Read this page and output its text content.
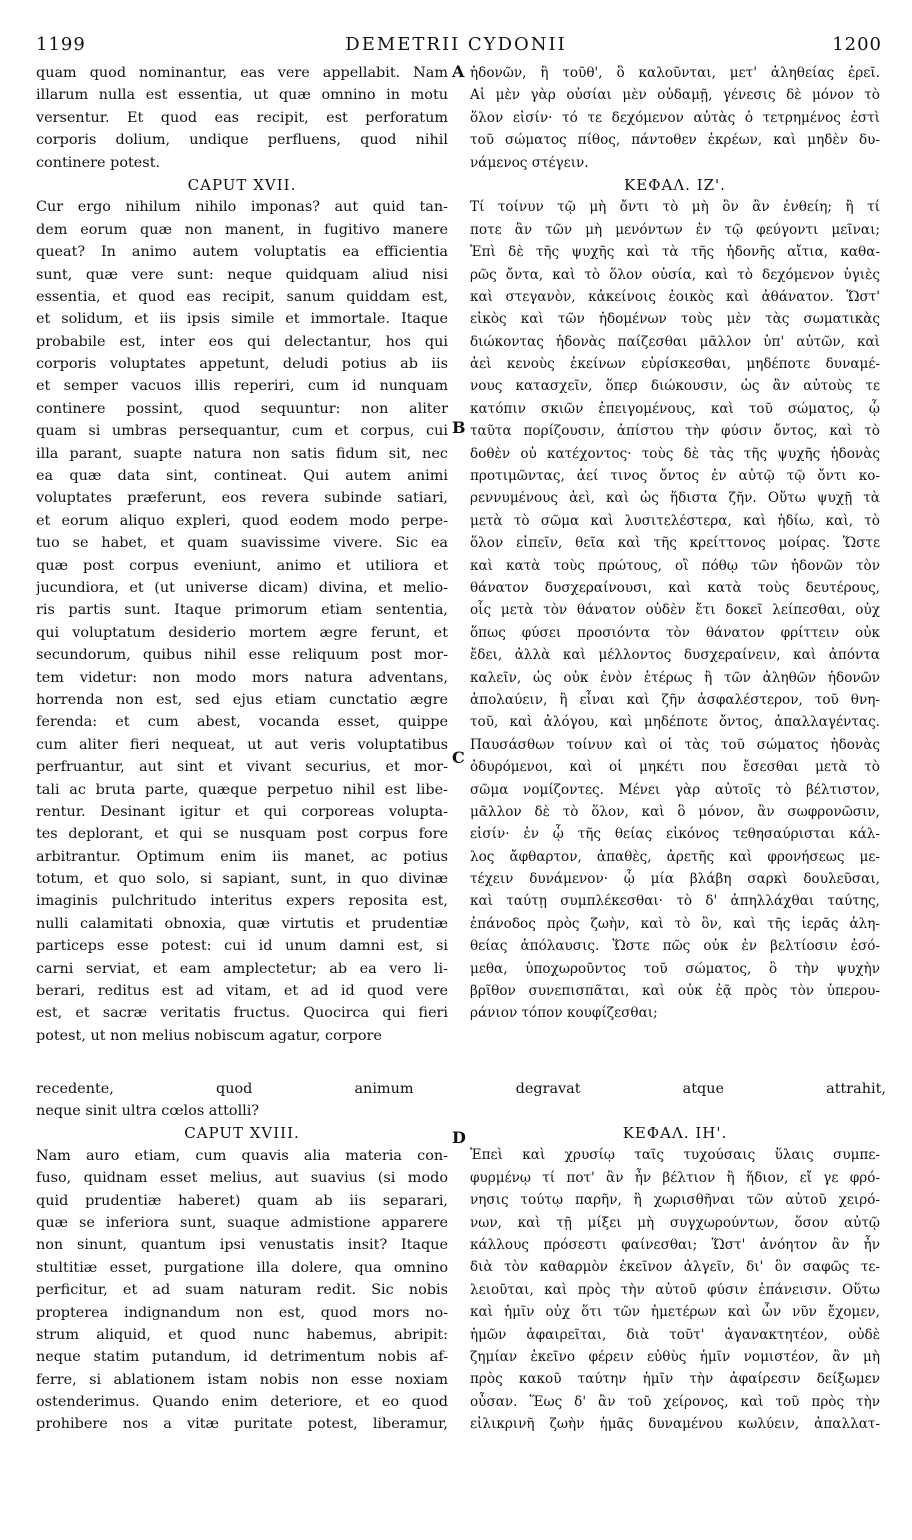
1199	DEMETRII CYDONII	1200
A
B
C
D
quam quod nominantur, eas vere appellabit. Nam
illarum nulla est essentia, ut quæ omnino in motu
versentur. Et quod eas recipit, est perforatum
corporis dolium, undique perfluens, quod nihil
continere potest.
CAPUT XVII.
Cur ergo nihilum nihilo imponas? aut quid tan-
dem eorum quæ non manent, in fugitivo manere
queat? In animo autem voluptatis ea efficientia
sunt, quæ vere sunt: neque quidquam aliud nisi
essentia, et quod eas recipit, sanum quiddam est,
et solidum, et iis ipsis simile et immortale. Itaque
probabile est, inter eos qui delectantur, hos qui
corporis voluptates appetunt, deludi potius ab iis
et semper vacuos illis reperiri, cum id nunquam
continere possint, quod sequuntur: non aliter
quam si umbras persequantur, cum et corpus, cui
illa parant, suapte natura non satis fidum sit, nec
ea quæ data sint, contineat. Qui autem animi
voluptates præferunt, eos revera subinde satiari,
et eorum aliquo expleri, quod eodem modo perpe-
tuo se habet, et quam suavissime vivere. Sic ea
quæ post corpus eveniunt, animo et utiliora et
jucundiora, et (ut universe dicam) divina, et melio-
ris partis sunt. Itaque primorum etiam sententia,
qui voluptatum desiderio mortem ægre ferunt, et
secundorum, quibus nihil esse reliquum post mor-
tem videtur: non modo mors natura adventans,
horrenda non est, sed ejus etiam cunctatio ægre
ferenda: et cum abest, vocanda esset, quippe
cum aliter fieri nequeat, ut aut veris voluptatibus
perfruantur, aut sint et vivant securius, et mor-
tali ac bruta parte, quæque perpetuo nihil est libe-
rentur. Desinant igitur et qui corporeas volupta-
tes deplorant, et qui se nusquam post corpus fore
arbitrantur. Optimum enim iis manet, ac potius
totum, et quo solo, si sapiant, sunt, in quo divinæ
imaginis pulchritudo interitus expers reposita est,
nulli calamitati obnoxia, quæ virtutis et prudentiæ
particeps esse potest: cui id unum damni est, si
carni serviat, et eam amplectetur; ab ea vero li-
berari, reditus est ad vitam, et ad id quod vere
est, et sacræ veritatis fructus. Quocirca qui fieri
potest, ut non melius nobiscum agatur, corpore
recedente, quod animum degravat atque attrahit,
neque sinit ultra cœlos attolli?
CAPUT XVIII.
Nam auro etiam, cum quavis alia materia con-
fuso, quidnam esset melius, aut suavius (si modo
quid prudentiæ haberet) quam ab iis separari,
quæ se inferiora sunt, suaque admistione apparere
non sinunt, quantum ipsi venustatis insit? Itaque
stultitiæ esset, purgatione illa dolere, qua omnino
perficitur, et ad suam naturam redit. Sic nobis
propterea indignandum non est, quod mors no-
strum aliquid, et quod nunc habemus, abripit:
neque statim putandum, id detrimentum nobis af-
ferre, si ablationem istam nobis non esse noxiam
ostenderimus. Quando enim deteriore, et eo quod
prohibere nos a vitæ puritate potest, liberamur,
ἡδονῶν, ἢ τοῦθ', ὃ καλοῦνται, μετ' ἀληθείας ἐρεῖ.
Αἱ μὲν γὰρ οὐσίαι μὲν οὐδαμῇ, γένεσις δὲ μόνον τὸ
ὅλον εἰσίν· τό τε δεχόμενον αὐτὰς ὁ τετρημένος ἐστὶ
τοῦ σώματος πίθος, πάντοθεν ἐκρέων, καὶ μηδὲν δυ-
νάμενος στέγειν.
ΚΕΦΑΛ. ΙΖ'.
Τί τοίνυν τῷ μὴ ὄντι τὸ μὴ ὂν ἂν ἐνθείη; ἢ τί
ποτε ἂν τῶν μὴ μενόντων ἐν τῷ φεύγοντι μεῖναι;
Ἐπὶ δὲ τῆς ψυχῆς καὶ τὰ τῆς ἡδονῆς αἴτια, καθα-
ρῶς ὄντα, καὶ τὸ ὅλον οὐσία, καὶ τὸ δεχόμενον ὑγιὲς
καὶ στεγανὸν, κἀκείνοις ἐοικὸς καὶ ἀθάνατον. Ὥστ'
εἰκὸς καὶ τῶν ἡδομένων τοὺς μὲν τὰς σωματικὰς
διώκοντας ἡδονὰς παίζεσθαι μᾶλλον ὑπ' αὐτῶν, καὶ
ἀεὶ κενοὺς ἐκείνων εὑρίσκεσθαι, μηδέποτε δυναμέ-
νους κατασχεῖν, ὅπερ διώκουσιν, ὡς ἂν αὐτοὺς τε
κατόπιν σκιῶν ἐπειγομένους, καὶ τοῦ σώματος, ᾧ
ταῦτα πορίζουσιν, ἀπίστου τὴν φύσιν ὄντος, καὶ τὸ
δοθὲν οὐ κατέχοντος· τοὺς δὲ τὰς τῆς ψυχῆς ἡδονὰς
προτιμῶντας, ἀεί τινος ὄντος ἐν αὐτῷ τῷ ὄντι κο-
ρεννυμένους ἀεὶ, καὶ ὡς ἥδιστα ζῆν. Οὕτω ψυχῇ τὰ
μετὰ τὸ σῶμα καὶ λυσιτελέστερα, καὶ ἡδίω, καὶ, τὸ
ὅλον εἰπεῖν, θεῖα καὶ τῆς κρείττονος μοίρας. Ὥστε
καὶ κατὰ τοὺς πρώτους, οἳ πόθῳ τῶν ἡδονῶν τὸν
θάνατον δυσχεραίνουσι, καὶ κατὰ τοὺς δευτέρους,
οἷς μετὰ τὸν θάνατον οὐδὲν ἔτι δοκεῖ λείπεσθαι, οὐχ
ὅπως φύσει προσιόντα τὸν θάνατον φρίττειν οὐκ
ἔδει, ἀλλὰ καὶ μέλλοντος δυσχεραίνειν, καὶ ἀπόντα
καλεῖν, ὡς οὐκ ἐνὸν ἑτέρως ἢ τῶν ἀληθῶν ἡδονῶν
ἀπολαύειν, ἢ εἶναι καὶ ζῆν ἀσφαλέστερον, τοῦ θνη-
τοῦ, καὶ ἀλόγου, καὶ μηδέποτε ὄντος, ἀπαλλαγέντας.
Παυσάσθων τοίνυν καὶ οἱ τὰς τοῦ σώματος ἡδονὰς
ὀδυρόμενοι, καὶ οἱ μηκέτι που ἔσεσθαι μετὰ τὸ
σῶμα νομίζοντες. Μένει γὰρ αὐτοῖς τὸ βέλτιστον,
μᾶλλον δὲ τὸ ὅλον, καὶ ὃ μόνον, ἂν σωφρονῶσιν,
εἰσίν· ἐν ᾧ τῆς θείας εἰκόνος τεθησαύρισται κάλ-
λος ἄφθαρτον, ἀπαθὲς, ἀρετῆς καὶ φρονήσεως με-
τέχειν δυνάμενον· ᾧ μία βλάβη σαρκὶ δουλεῦσαι,
καὶ ταύτῃ συμπλέκεσθαι· τὸ δ' ἀπηλλάχθαι ταύτης,
ἐπάνοδος πρὸς ζωὴν, καὶ τὸ ὂν, καὶ τῆς ἱερᾶς ἀλη-
θείας ἀπόλαυσις. Ὥστε πῶς οὐκ ἐν βελτίοσιν ἐσό-
μεθα, ὑποχωροῦντος τοῦ σώματος, ὃ τὴν ψυχὴν
βρῖθον συνεπισπᾶται, καὶ οὐκ ἐᾷ πρὸς τὸν ὑπερου-
ράνιον τόπον κουφίζεσθαι;
ΚΕΦΑΛ. ΙΗ'.
Ἐπεὶ καὶ χρυσίῳ ταῖς τυχούσαις ὕλαις συμπε-
φυρμένῳ τί ποτ' ἂν ἦν βέλτιον ἢ ἥδιον, εἴ γε φρό-
νησις τούτῳ παρῆν, ἢ χωρισθῆναι τῶν αὐτοῦ χειρό-
νων, καὶ τῇ μίξει μὴ συγχωρούντων, ὅσον αὐτῷ
κάλλους πρόσεστι φαίνεσθαι; Ὥστ' ἀνόητον ἂν ἦν
διὰ τὸν καθαρμὸν ἐκεῖνον ἀλγεῖν, δι' ὃν σαφῶς τε-
λειοῦται, καὶ πρὸς τὴν αὐτοῦ φύσιν ἐπάνεισιν. Οὕτω
καὶ ἡμῖν οὐχ ὅτι τῶν ἡμετέρων καὶ ὧν νῦν ἔχομεν,
ἡμῶν ἀφαιρεῖται, διὰ τοῦτ' ἀγανακτητέον, οὐδὲ
ζημίαν ἐκεῖνο φέρειν εὐθὺς ἡμῖν νομιστέον, ἂν μὴ
πρὸς κακοῦ ταύτην ἡμῖν τὴν ἀφαίρεσιν δείξωμεν
οὖσαν. Ἕως δ' ἂν τοῦ χείρονος, καὶ τοῦ πρὸς τὴν
εἰλικρινῆ ζωὴν ἡμᾶς δυναμένου κωλύειν, ἀπαλλατ-
